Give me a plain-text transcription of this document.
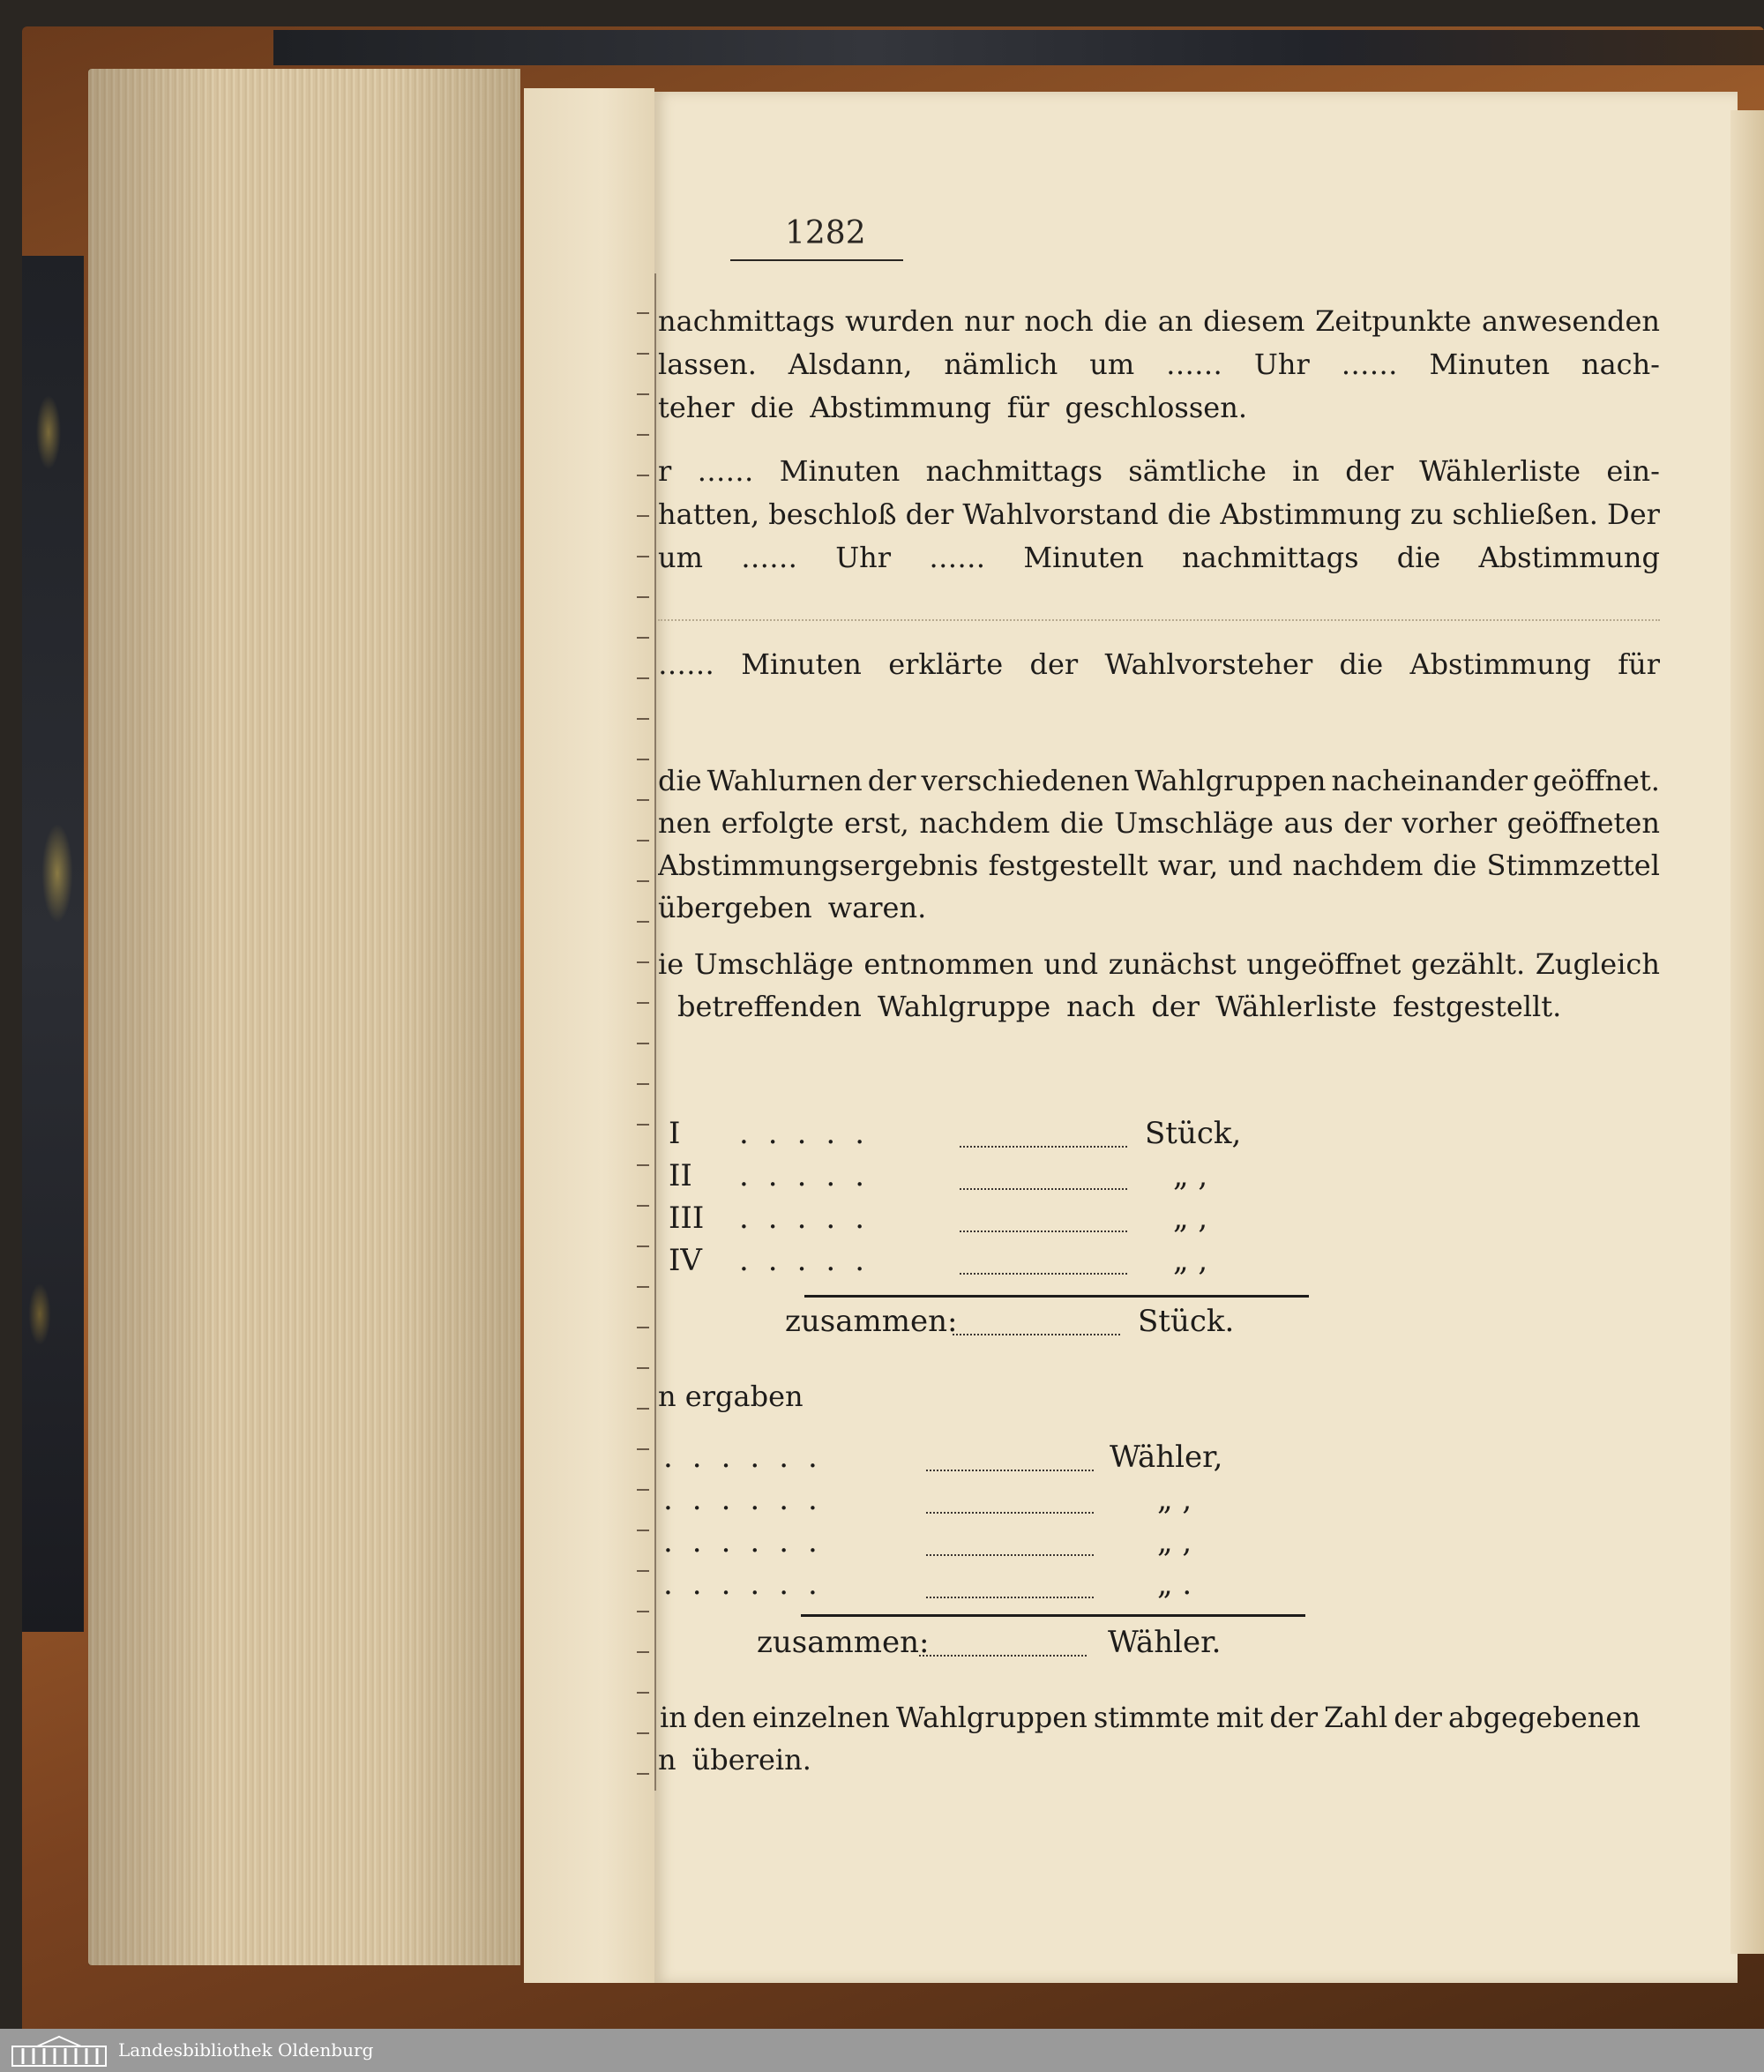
1282
nachmittags wurden nur noch die an diesem Zeitpunkte anwesenden
lassen. Alsdann, nämlich um …… Uhr …… Minuten nach-
teher die Abstimmung für geschlossen.
r …… Minuten nachmittags sämtliche in der Wählerliste ein-
hatten, beschloß der Wahlvorstand die Abstimmung zu schließen. Der
um …… Uhr …… Minuten nachmittags die Abstimmung
…… Minuten erklärte der Wahlvorsteher die Abstimmung für
die Wahlurnen der verschiedenen Wahlgruppen nacheinander geöffnet.
nen erfolgte erst, nachdem die Umschläge aus der vorher geöffneten
Abstimmungsergebnis festgestellt war, und nachdem die Stimmzettel
übergeben waren.
ie Umschläge entnommen und zunächst ungeöffnet gezählt. Zugleich
betreffenden Wahlgruppe nach der Wählerliste festgestellt.
I .....	Stück,
II .....	„ ,
III .....	„ ,
IV .....	„ ,
zusammen:	Stück.
n ergaben
......	Wähler,
......	„ ,
......	„ ,
......	„ .
zusammen:	Wähler.
in den einzelnen Wahlgruppen stimmte mit der Zahl der abgegebenen
n überein.
Landesbibliothek Oldenburg
